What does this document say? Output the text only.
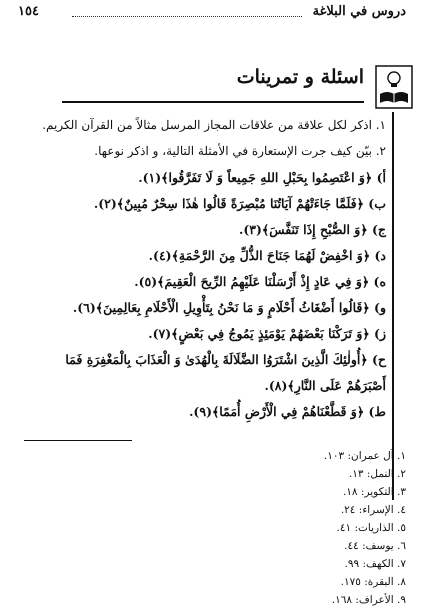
دروس في البلاغة
١٥٤
اسئلة و تمرينات
١. اذكر لكل علاقة من علاقات المجاز المرسل مثالاً من القرآن الكريم.
٢. بيّن كيف جرت الإستعارة في الأمثلة التالية، و اذكر نوعها.
أ) ﴿وَ اعْتَصِمُوا بِحَبْلِ اللهِ جَمِيعاً وَ لَا تَفَرَّقُوا﴾(١).
ب) ﴿فَلَمَّا جَاءَتْهُمْ آيَاتُنَا مُبْصِرَةً قَالُوا هٰذَا سِحْرٌ مُبِينٌ﴾(٢).
ج) ﴿وَ الصُّبْحِ إِذَا تَنَفَّسَ﴾(٣).
د) ﴿وَ اخْفِضْ لَهُمَا جَنَاحَ الذُّلِّ مِنَ الرَّحْمَةِ﴾(٤).
ه) ﴿وَ فِي عَادٍ إِذْ أَرْسَلْنَا عَلَيْهِمُ الرِّيحَ الْعَقِيمَ﴾(٥).
و) ﴿قَالُوا أَضْغَاثُ أَحْلَامٍ وَ مَا نَحْنُ بِتَأْوِيلِ الْأَحْلَامِ بِعَالِمِينَ﴾(٦).
ز) ﴿وَ تَرَكْنَا بَعْضَهُمْ يَوْمَئِذٍ يَمُوجُ فِي بَعْضٍ﴾(٧).
ح) ﴿أُولٰئِكَ الَّذِينَ اشْتَرَوُا الضَّلَالَةَ بِالْهُدَىٰ وَ الْعَذَابَ بِالْمَغْفِرَةِ فَمَا
أَصْبَرَهُمْ عَلَى النَّارِ﴾(٨).
ط) ﴿وَ قَطَّعْنَاهُمْ فِي الْأَرْضِ أُمَمًا﴾(٩).
١. آل عمران: ١٠٣.
٢. النمل: ١٣.
٣. التكوير: ١٨.
٤. الإسراء: ٢٤.
٥. الذاريات: ٤١.
٦. يوسف: ٤٤.
٧. الكهف: ٩٩.
٨. البقرة: ١٧٥.
٩. الأعراف: ١٦٨.
